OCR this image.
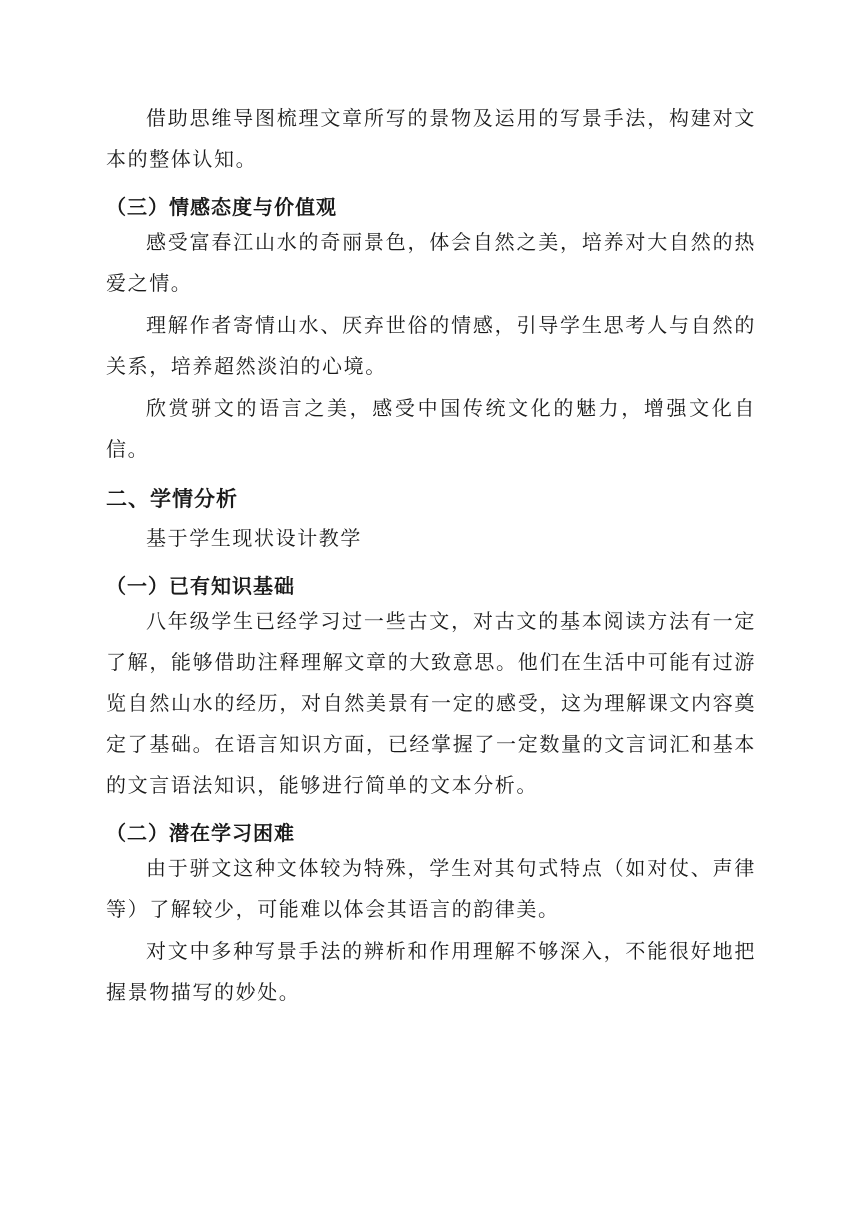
借助思维导图梳理文章所写的景物及运用的写景手法，构建对文本的整体认知。

（三）情感态度与价值观

感受富春江山水的奇丽景色，体会自然之美，培养对大自然的热爱之情。

理解作者寄情山水、厌弃世俗的情感，引导学生思考人与自然的关系，培养超然淡泊的心境。

欣赏骈文的语言之美，感受中国传统文化的魅力，增强文化自信。

二、学情分析

基于学生现状设计教学

（一）已有知识基础

八年级学生已经学习过一些古文，对古文的基本阅读方法有一定了解，能够借助注释理解文章的大致意思。他们在生活中可能有过游览自然山水的经历，对自然美景有一定的感受，这为理解课文内容奠定了基础。在语言知识方面，已经掌握了一定数量的文言词汇和基本的文言语法知识，能够进行简单的文本分析。

（二）潜在学习困难

由于骈文这种文体较为特殊，学生对其句式特点（如对仗、声律等）了解较少，可能难以体会其语言的韵律美。

对文中多种写景手法的辨析和作用理解不够深入，不能很好地把握景物描写的妙处。
